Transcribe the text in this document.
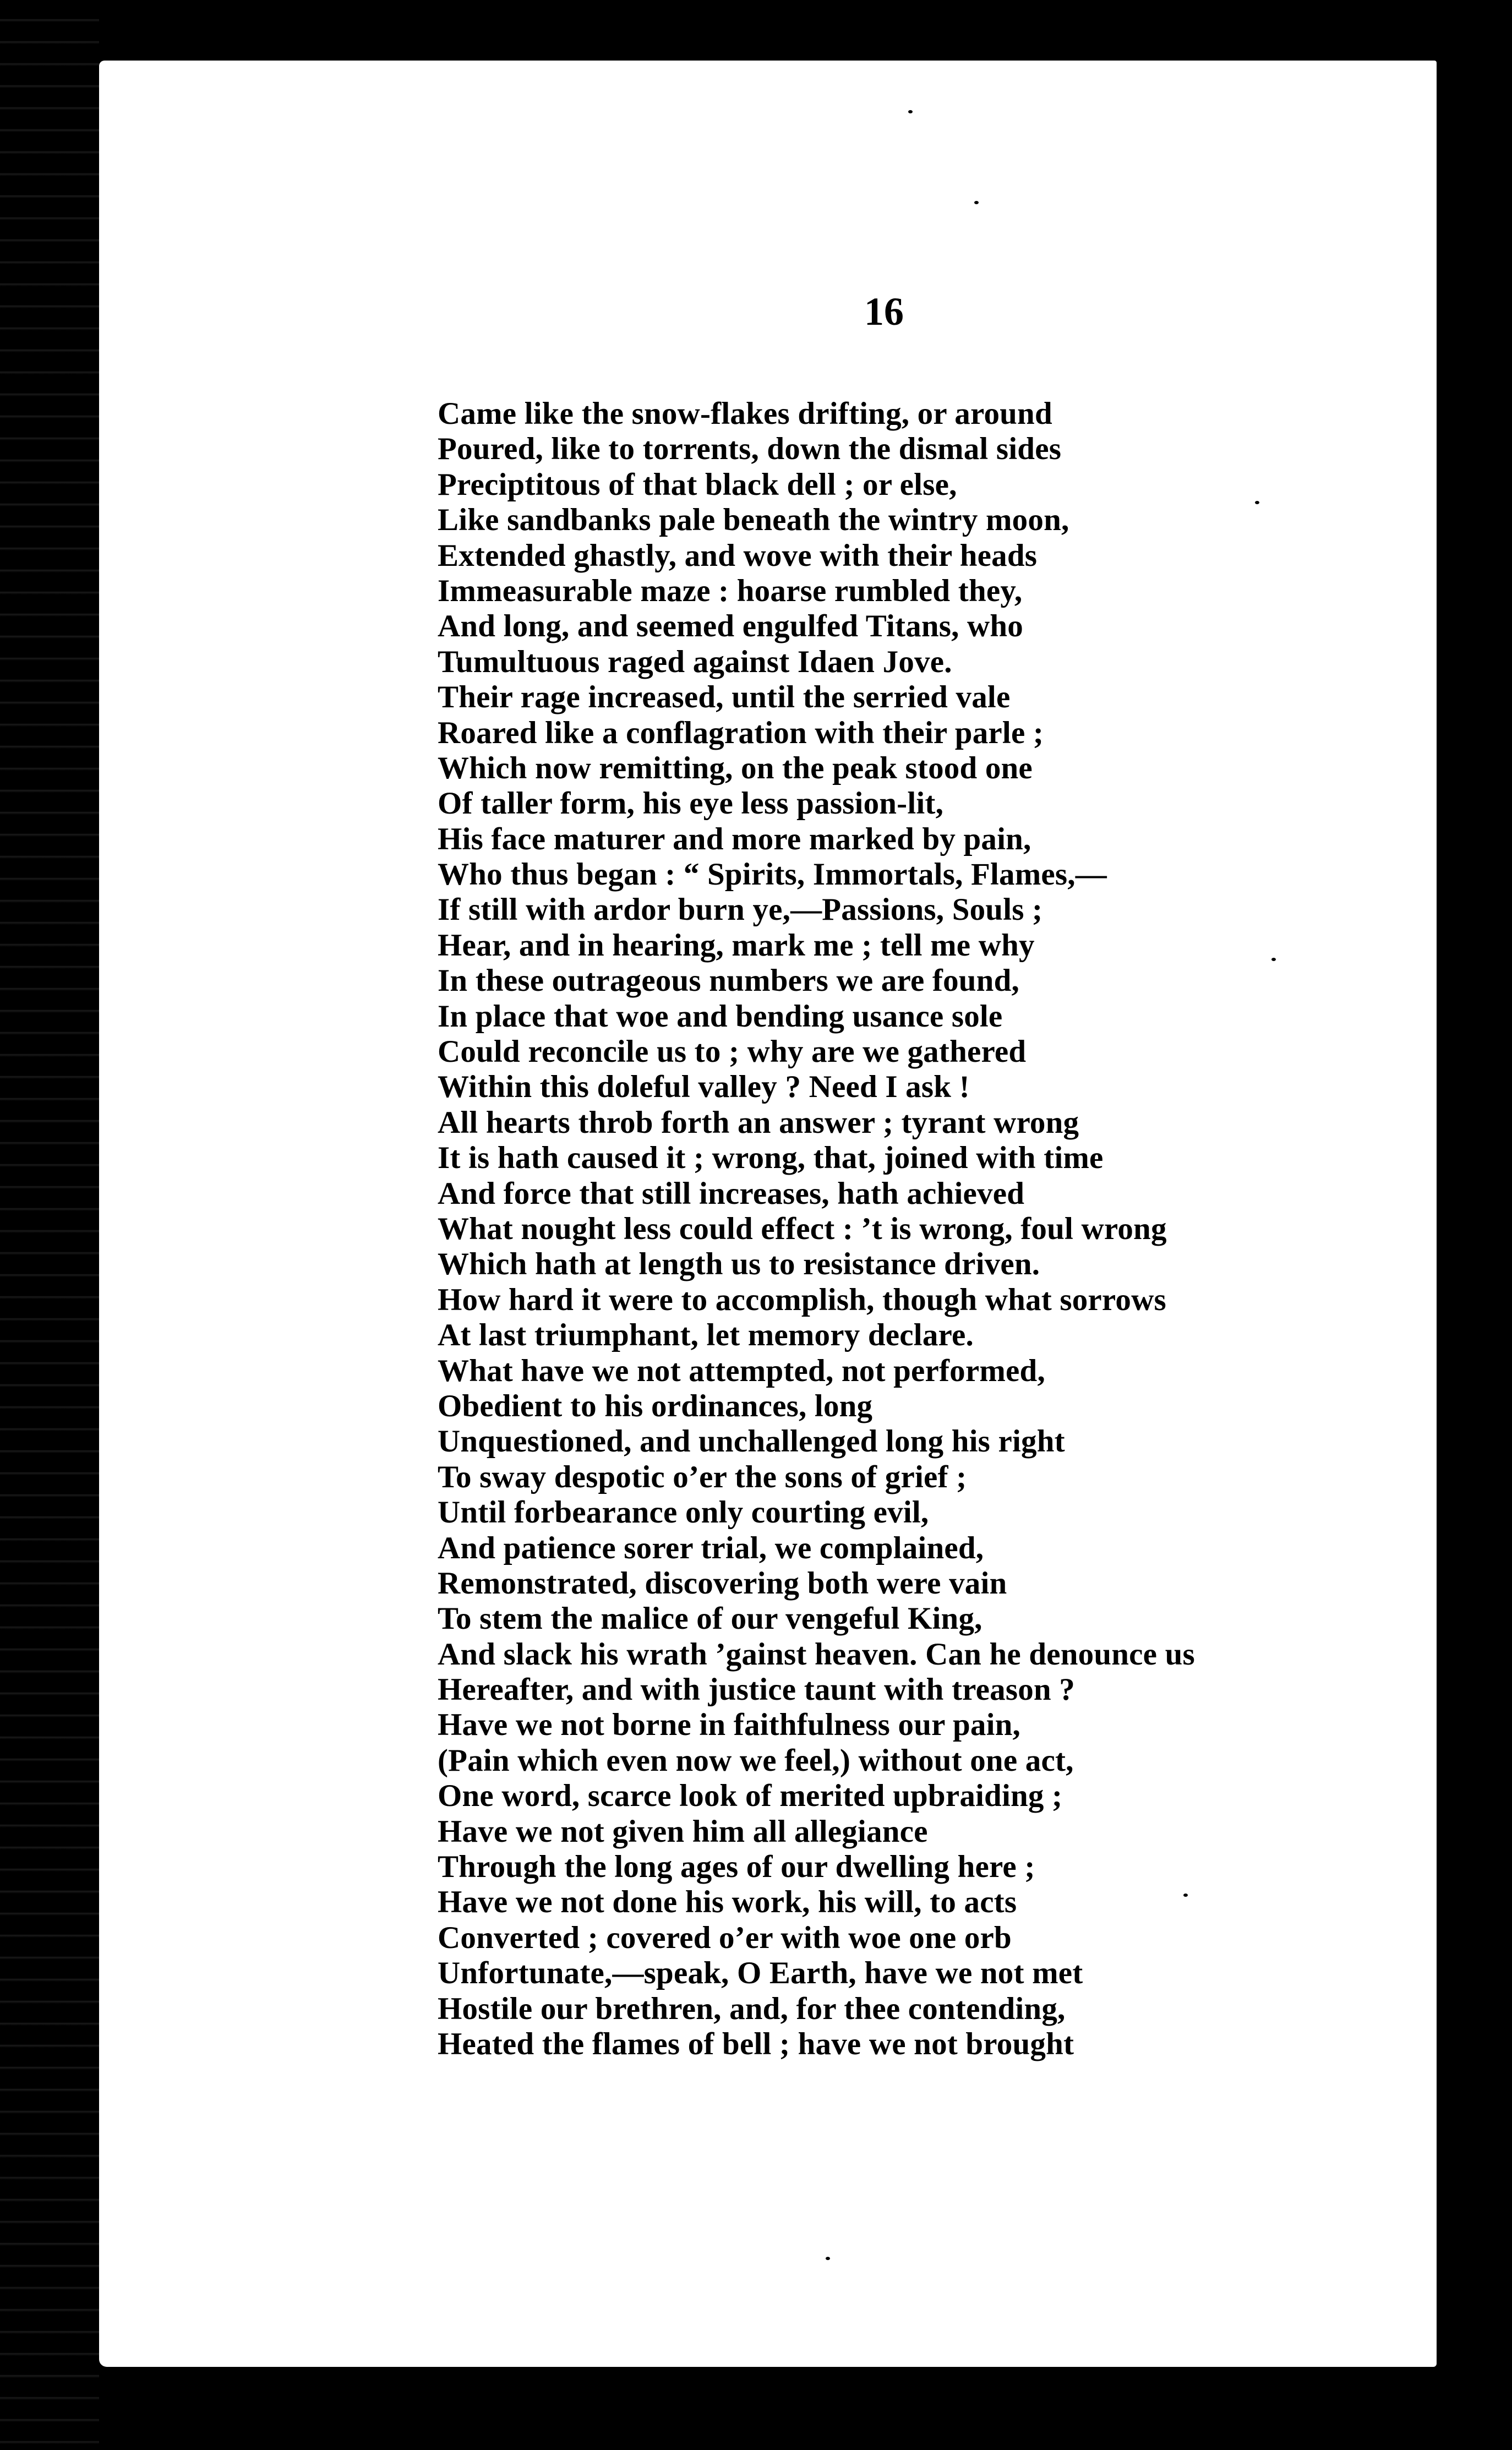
16
Came like the snow-flakes drifting, or around
Poured, like to torrents, down the dismal sides
Preciptitous of that black dell ; or else,
Like sandbanks pale beneath the wintry moon,
Extended ghastly, and wove with their heads
Immeasurable maze : hoarse rumbled they,
And long, and seemed engulfed Titans, who
Tumultuous raged against Idaen Jove.
Their rage increased, until the serried vale
Roared like a conflagration with their parle ;
Which now remitting, on the peak stood one
Of taller form, his eye less passion-lit,
His face maturer and more marked by pain,
Who thus began : “ Spirits, Immortals, Flames,—
If still with ardor burn ye,—Passions, Souls ;
Hear, and in hearing, mark me ; tell me why
In these outrageous numbers we are found,
In place that woe and bending usance sole
Could reconcile us to ; why are we gathered
Within this doleful valley ? Need I ask !
All hearts throb forth an answer ; tyrant wrong
It is hath caused it ; wrong, that, joined with time
And force that still increases, hath achieved
What nought less could effect : ’t is wrong, foul wrong
Which hath at length us to resistance driven.
How hard it were to accomplish, though what sorrows
At last triumphant, let memory declare.
What have we not attempted, not performed,
Obedient to his ordinances, long
Unquestioned, and unchallenged long his right
To sway despotic o’er the sons of grief ;
Until forbearance only courting evil,
And patience sorer trial, we complained,
Remonstrated, discovering both were vain
To stem the malice of our vengeful King,
And slack his wrath ’gainst heaven. Can he denounce us
Hereafter, and with justice taunt with treason ?
Have we not borne in faithfulness our pain,
(Pain which even now we feel,) without one act,
One word, scarce look of merited upbraiding ;
Have we not given him all allegiance
Through the long ages of our dwelling here ;
Have we not done his work, his will, to acts
Converted ; covered o’er with woe one orb
Unfortunate,—speak, O Earth, have we not met
Hostile our brethren, and, for thee contending,
Heated the flames of bell ; have we not brought
